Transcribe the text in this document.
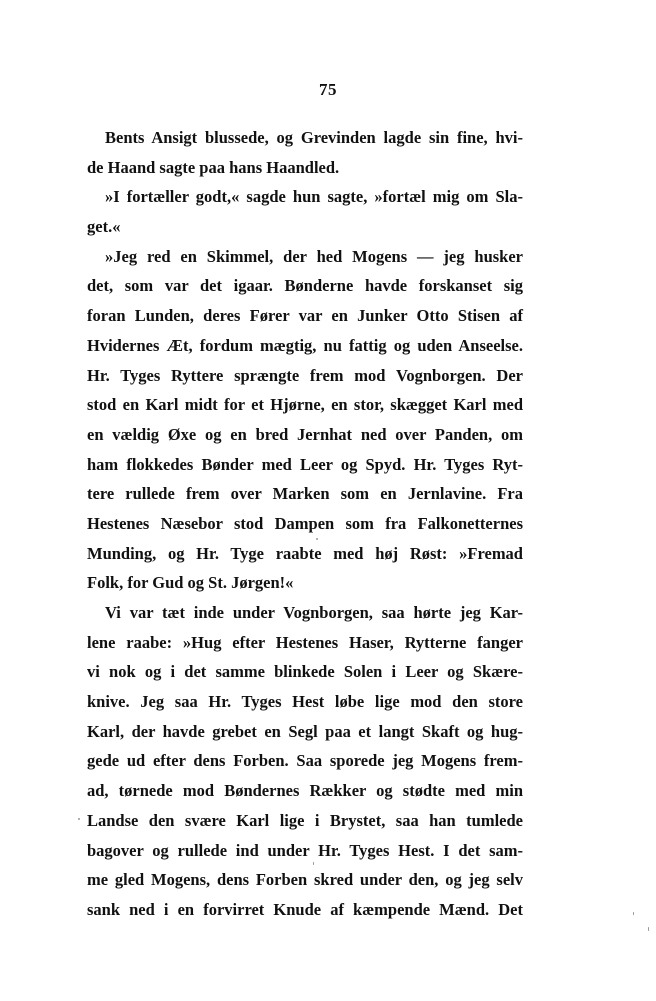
75
Bents Ansigt blussede, og Grevinden lagde sin fine, hvi-
de Haand sagte paa hans Haandled.
»I fortæller godt,« sagde hun sagte, »fortæl mig om Sla-
get.«
»Jeg red en Skimmel, der hed Mogens — jeg husker
det, som var det igaar. Bønderne havde forskanset sig
foran Lunden, deres Fører var en Junker Otto Stisen af
Hvidernes Æt, fordum mægtig, nu fattig og uden Anseelse.
Hr. Tyges Ryttere sprængte frem mod Vognborgen. Der
stod en Karl midt for et Hjørne, en stor, skægget Karl med
en vældig Øxe og en bred Jernhat ned over Panden, om
ham flokkedes Bønder med Leer og Spyd. Hr. Tyges Ryt-
tere rullede frem over Marken som en Jernlavine. Fra
Hestenes Næsebor stod Dampen som fra Falkonetternes
Munding, og Hr. Tyge raabte med høj Røst: »Fremad
Folk, for Gud og St. Jørgen!«
Vi var tæt inde under Vognborgen, saa hørte jeg Kar-
lene raabe: »Hug efter Hestenes Haser, Rytterne fanger
vi nok og i det samme blinkede Solen i Leer og Skære-
knive. Jeg saa Hr. Tyges Hest løbe lige mod den store
Karl, der havde grebet en Segl paa et langt Skaft og hug-
gede ud efter dens Forben. Saa sporede jeg Mogens frem-
ad, tørnede mod Bøndernes Rækker og stødte med min
Landse den svære Karl lige i Brystet, saa han tumlede
bagover og rullede ind under Hr. Tyges Hest. I det sam-
me gled Mogens, dens Forben skred under den, og jeg selv
sank ned i en forvirret Knude af kæmpende Mænd. Det
